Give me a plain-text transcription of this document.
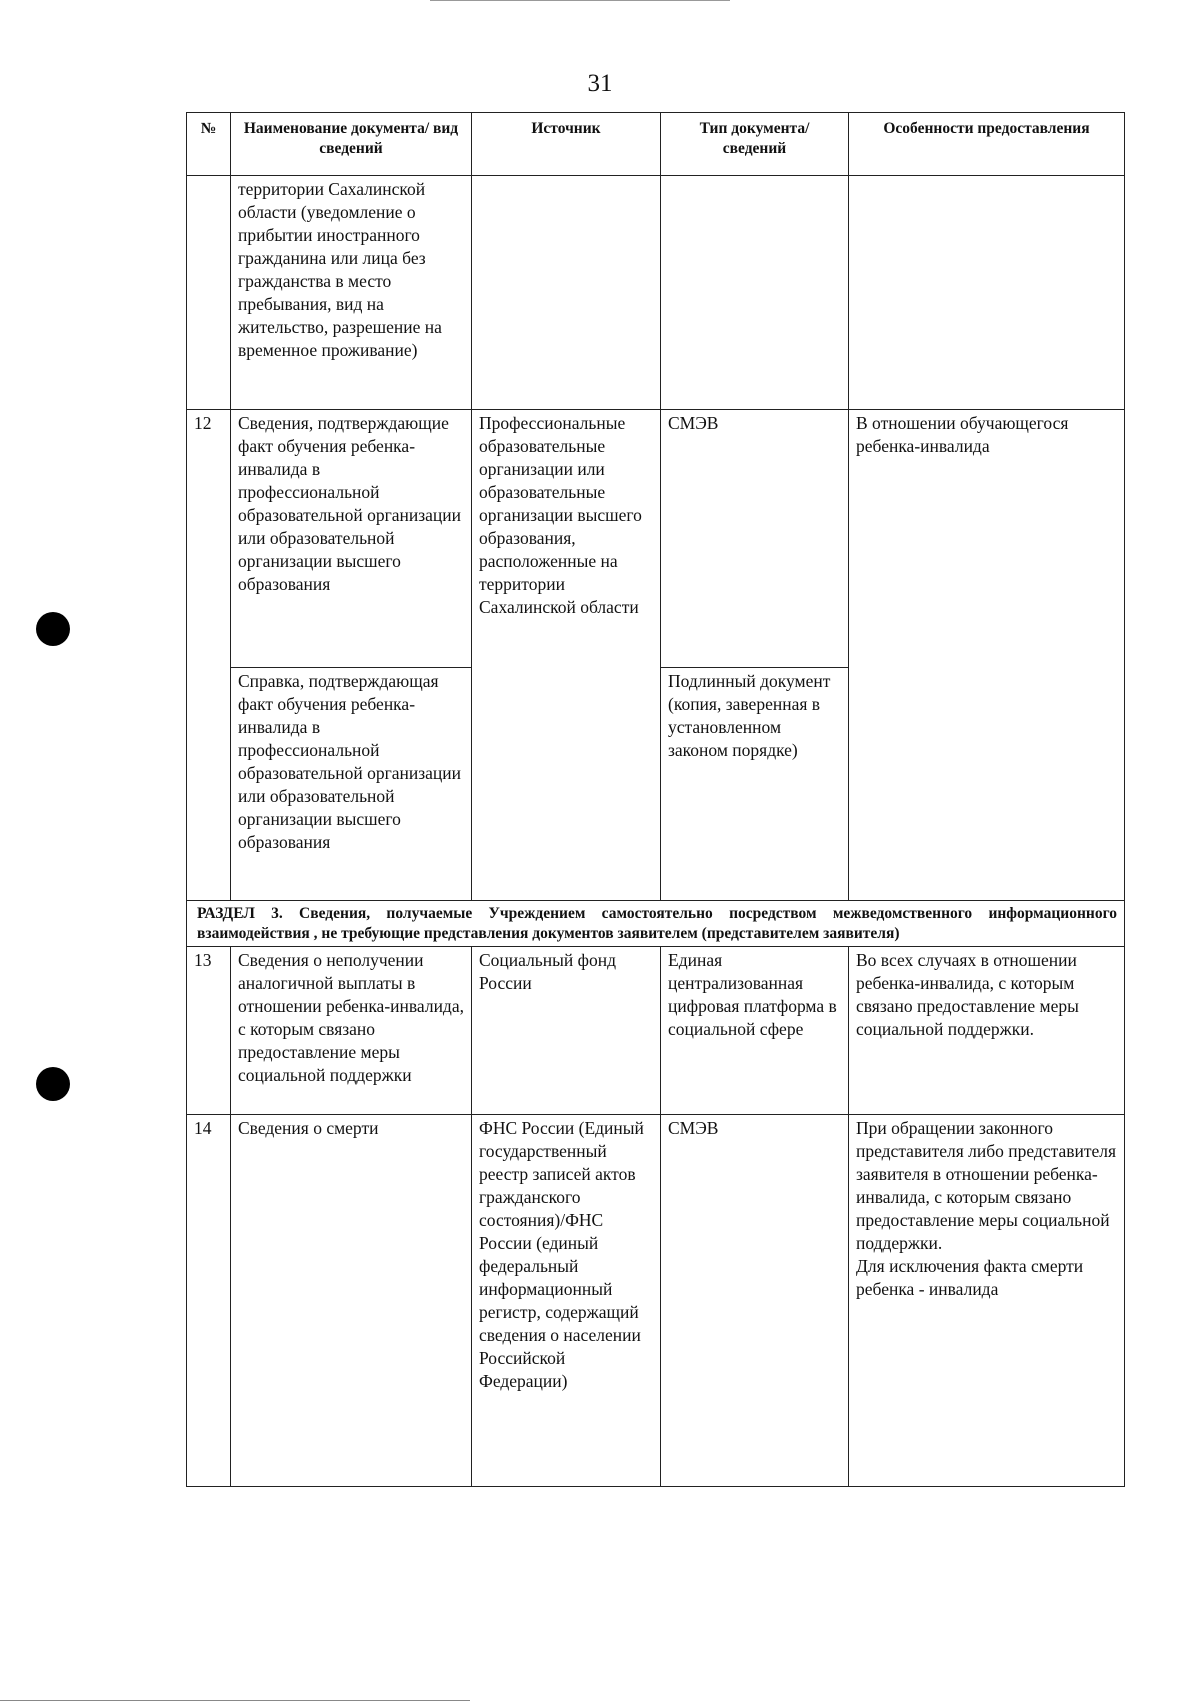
31
№	Наименование документа/ вид сведений	Источник	Тип документа/сведений	Особенности предоставления
	территории Сахалинской области (уведомление о прибытии иностранного гражданина или лица без гражданства в место пребывания, вид на жительство, разрешение на временное проживание)			
12	Сведения, подтверждающие факт обучения ребенка-инвалида в профессиональной образовательной организации или образовательной организации высшего образования	Профессиональные образовательные организации или образовательные организации высшего образования, расположенные на территории Сахалинской области	СМЭВ	В отношении обучающегося ребенка-инвалида
	Справка, подтверждающая факт обучения ребенка-инвалида в профессиональной образовательной организации или образовательной организации высшего образования		Подлинный документ (копия, заверенная в установленном законом порядке)	
РАЗДЕЛ 3. Сведения, получаемые Учреждением самостоятельно посредством межведомственного информационного взаимодействия , не требующие представления документов заявителем (представителем заявителя)				
13	Сведения о неполучении аналогичной выплаты в отношении ребенка-инвалида, с которым связано предоставление меры социальной поддержки	Социальный фонд России	Единая централизованная цифровая платформа в социальной сфере	Во всех случаях в отношении ребенка-инвалида, с которым связано предоставление меры социальной поддержки.
14	Сведения о смерти	ФНС России (Единый государственный реестр записей актов гражданского состояния)/ФНС России (единый федеральный информационный регистр, содержащий сведения о населении Российской Федерации)	СМЭВ	При обращении законного представителя либо представителя заявителя в отношении ребенка-инвалида, с которым связано предоставление меры социальной поддержки.
Для исключения факта смерти ребенка - инвалида
